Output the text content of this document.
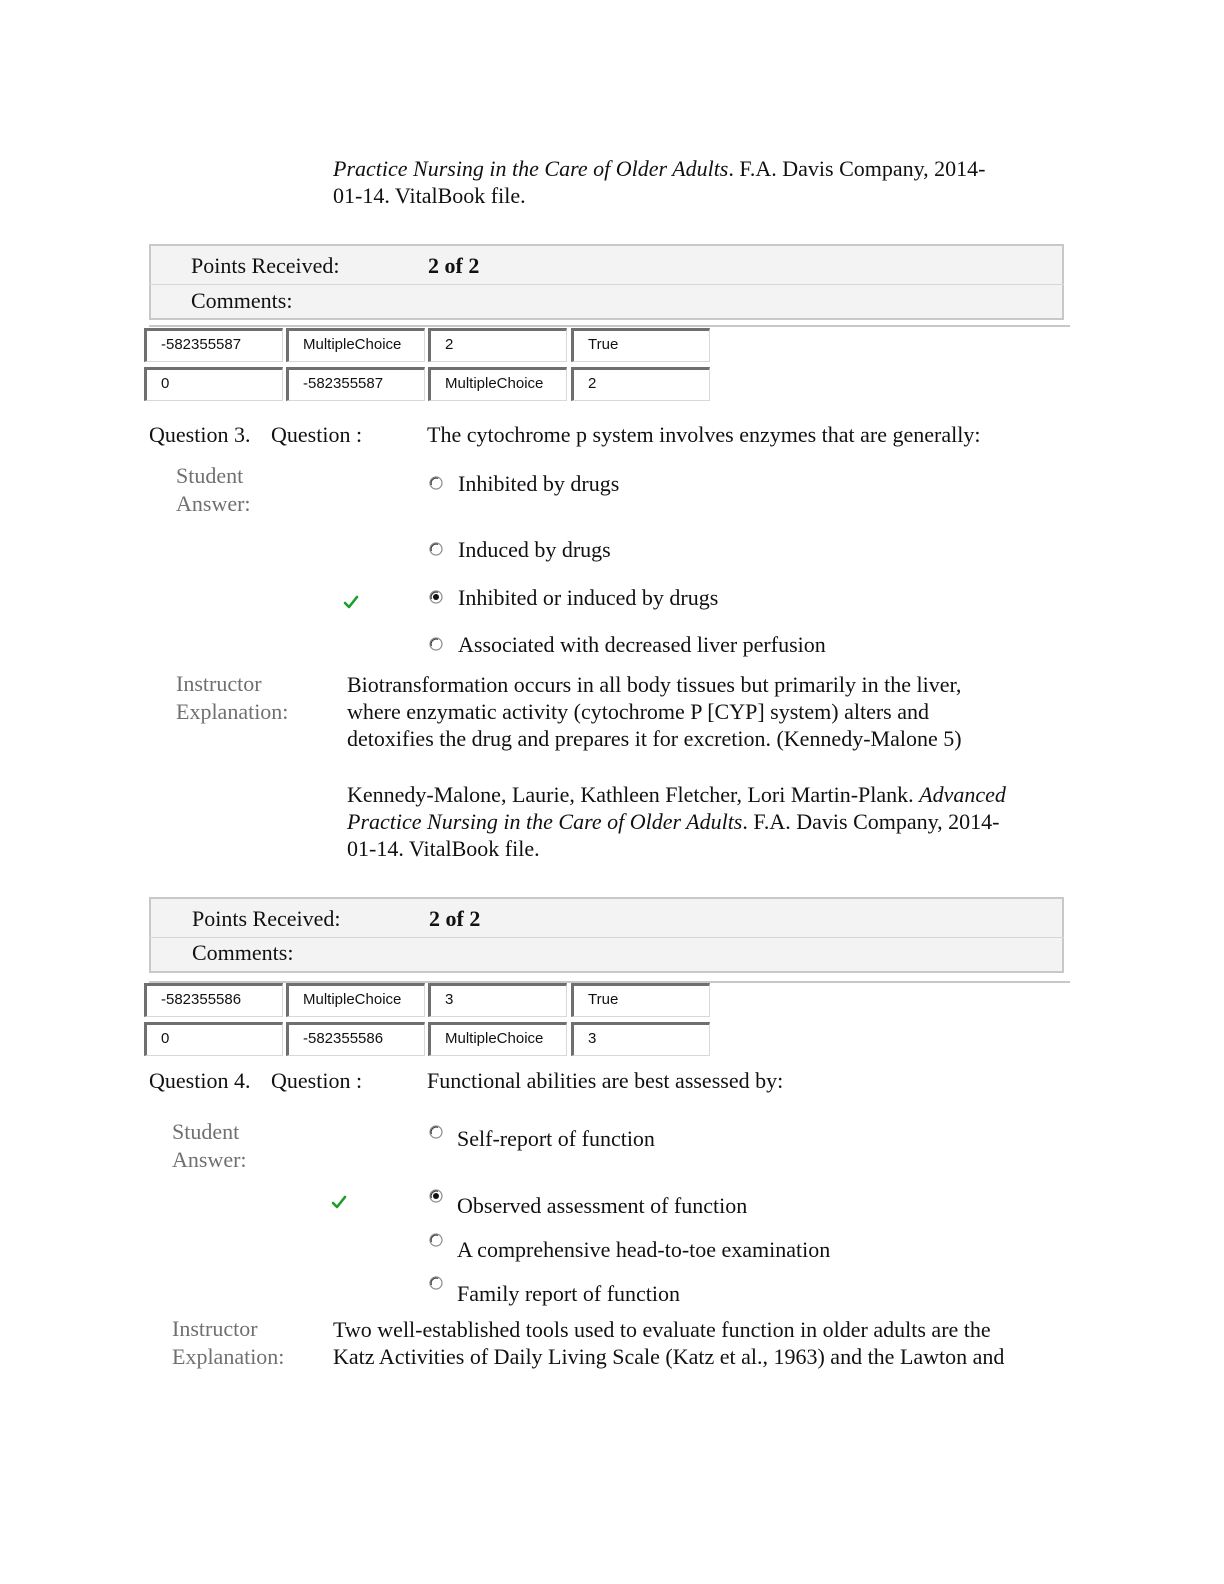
Practice Nursing in the Care of Older Adults. F.A. Davis Company, 2014-
01-14. VitalBook file.
Points Received:	2 of 2
Comments:
-582355587	MultipleChoice	2	True
0	-582355587	MultipleChoice	2
Question 3. Question :	The cytochrome p system involves enzymes that are generally:
Student
Answer:
Inhibited by drugs
Induced by drugs
Inhibited or induced by drugs
Associated with decreased liver perfusion
Instructor
Explanation:
Biotransformation occurs in all body tissues but primarily in the liver,
where enzymatic activity (cytochrome P [CYP] system) alters and
detoxifies the drug and prepares it for excretion. (Kennedy-Malone 5)
Kennedy-Malone, Laurie, Kathleen Fletcher, Lori Martin-Plank. Advanced
Practice Nursing in the Care of Older Adults. F.A. Davis Company, 2014-
01-14. VitalBook file.
Points Received:	2 of 2
Comments:
-582355586	MultipleChoice	3	True
0	-582355586	MultipleChoice	3
Question 4. Question :	Functional abilities are best assessed by:
Student
Answer:
Self-report of function
Observed assessment of function
A comprehensive head-to-toe examination
Family report of function
Instructor
Explanation:
Two well-established tools used to evaluate function in older adults are the
Katz Activities of Daily Living Scale (Katz et al., 1963) and the Lawton and
